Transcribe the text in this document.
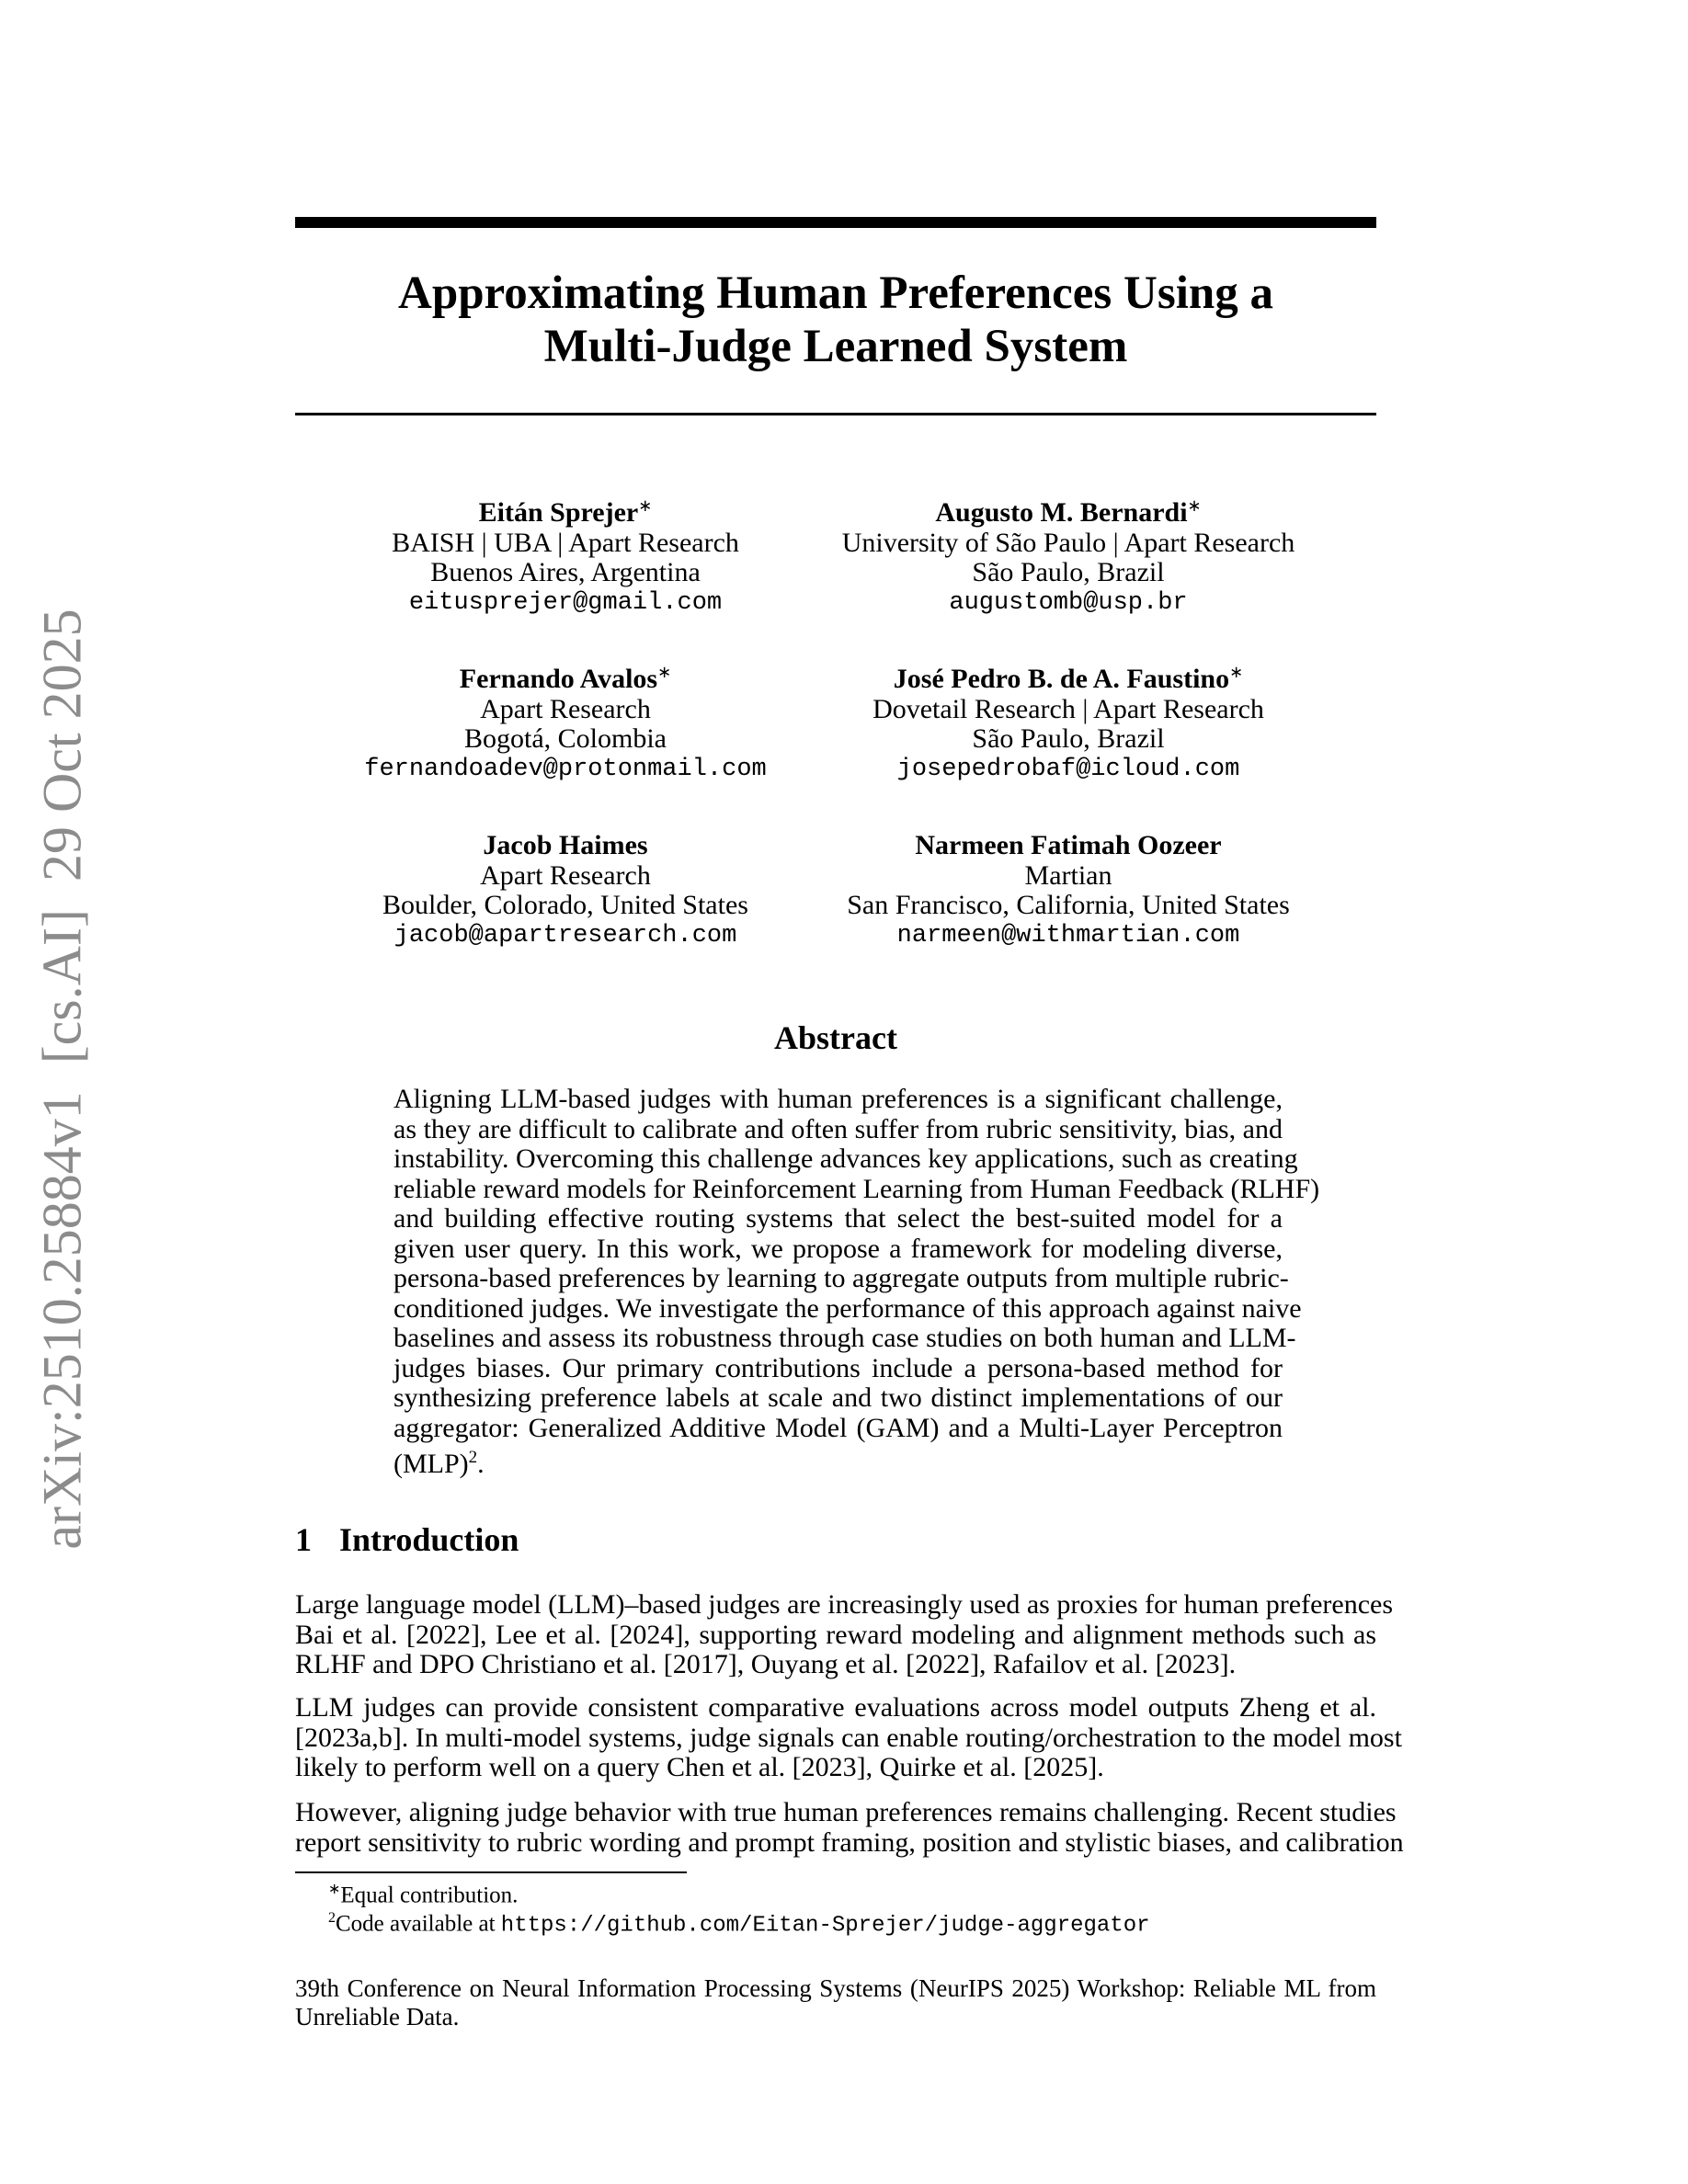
arXiv:2510.25884v1  [cs.AI]  29 Oct 2025
Approximating Human Preferences Using a
Multi-Judge Learned System
Eitán Sprejer∗
BAISH | UBA | Apart Research
Buenos Aires, Argentina
eitusprejer@gmail.com
Augusto M. Bernardi∗
University of São Paulo | Apart Research
São Paulo, Brazil
augustomb@usp.br
Fernando Avalos∗
Apart Research
Bogotá, Colombia
fernandoadev@protonmail.com
José Pedro B. de A. Faustino∗
Dovetail Research | Apart Research
São Paulo, Brazil
josepedrobaf@icloud.com
Jacob Haimes
Apart Research
Boulder, Colorado, United States
jacob@apartresearch.com
Narmeen Fatimah Oozeer
Martian
San Francisco, California, United States
narmeen@withmartian.com
Abstract
Aligning LLM-based judges with human preferences is a significant challenge,
as they are difficult to calibrate and often suffer from rubric sensitivity, bias, and
instability. Overcoming this challenge advances key applications, such as creating
reliable reward models for Reinforcement Learning from Human Feedback (RLHF)
and building effective routing systems that select the best-suited model for a
given user query. In this work, we propose a framework for modeling diverse,
persona-based preferences by learning to aggregate outputs from multiple rubric-
conditioned judges. We investigate the performance of this approach against naive
baselines and assess its robustness through case studies on both human and LLM-
judges biases. Our primary contributions include a persona-based method for
synthesizing preference labels at scale and two distinct implementations of our
aggregator: Generalized Additive Model (GAM) and a Multi-Layer Perceptron
(MLP)$^2$.
1 Introduction
Large language model (LLM)–based judges are increasingly used as proxies for human preferences
Bai et al. [2022], Lee et al. [2024], supporting reward modeling and alignment methods such as
RLHF and DPO Christiano et al. [2017], Ouyang et al. [2022], Rafailov et al. [2023].
LLM judges can provide consistent comparative evaluations across model outputs Zheng et al.
[2023a,b]. In multi-model systems, judge signals can enable routing/orchestration to the model most
likely to perform well on a query Chen et al. [2023], Quirke et al. [2025].
However, aligning judge behavior with true human preferences remains challenging. Recent studies
report sensitivity to rubric wording and prompt framing, position and stylistic biases, and calibration
∗Equal contribution.
$^2$Code available at https://github.com/Eitan-Sprejer/judge-aggregator
39th Conference on Neural Information Processing Systems (NeurIPS 2025) Workshop: Reliable ML from
Unreliable Data.
